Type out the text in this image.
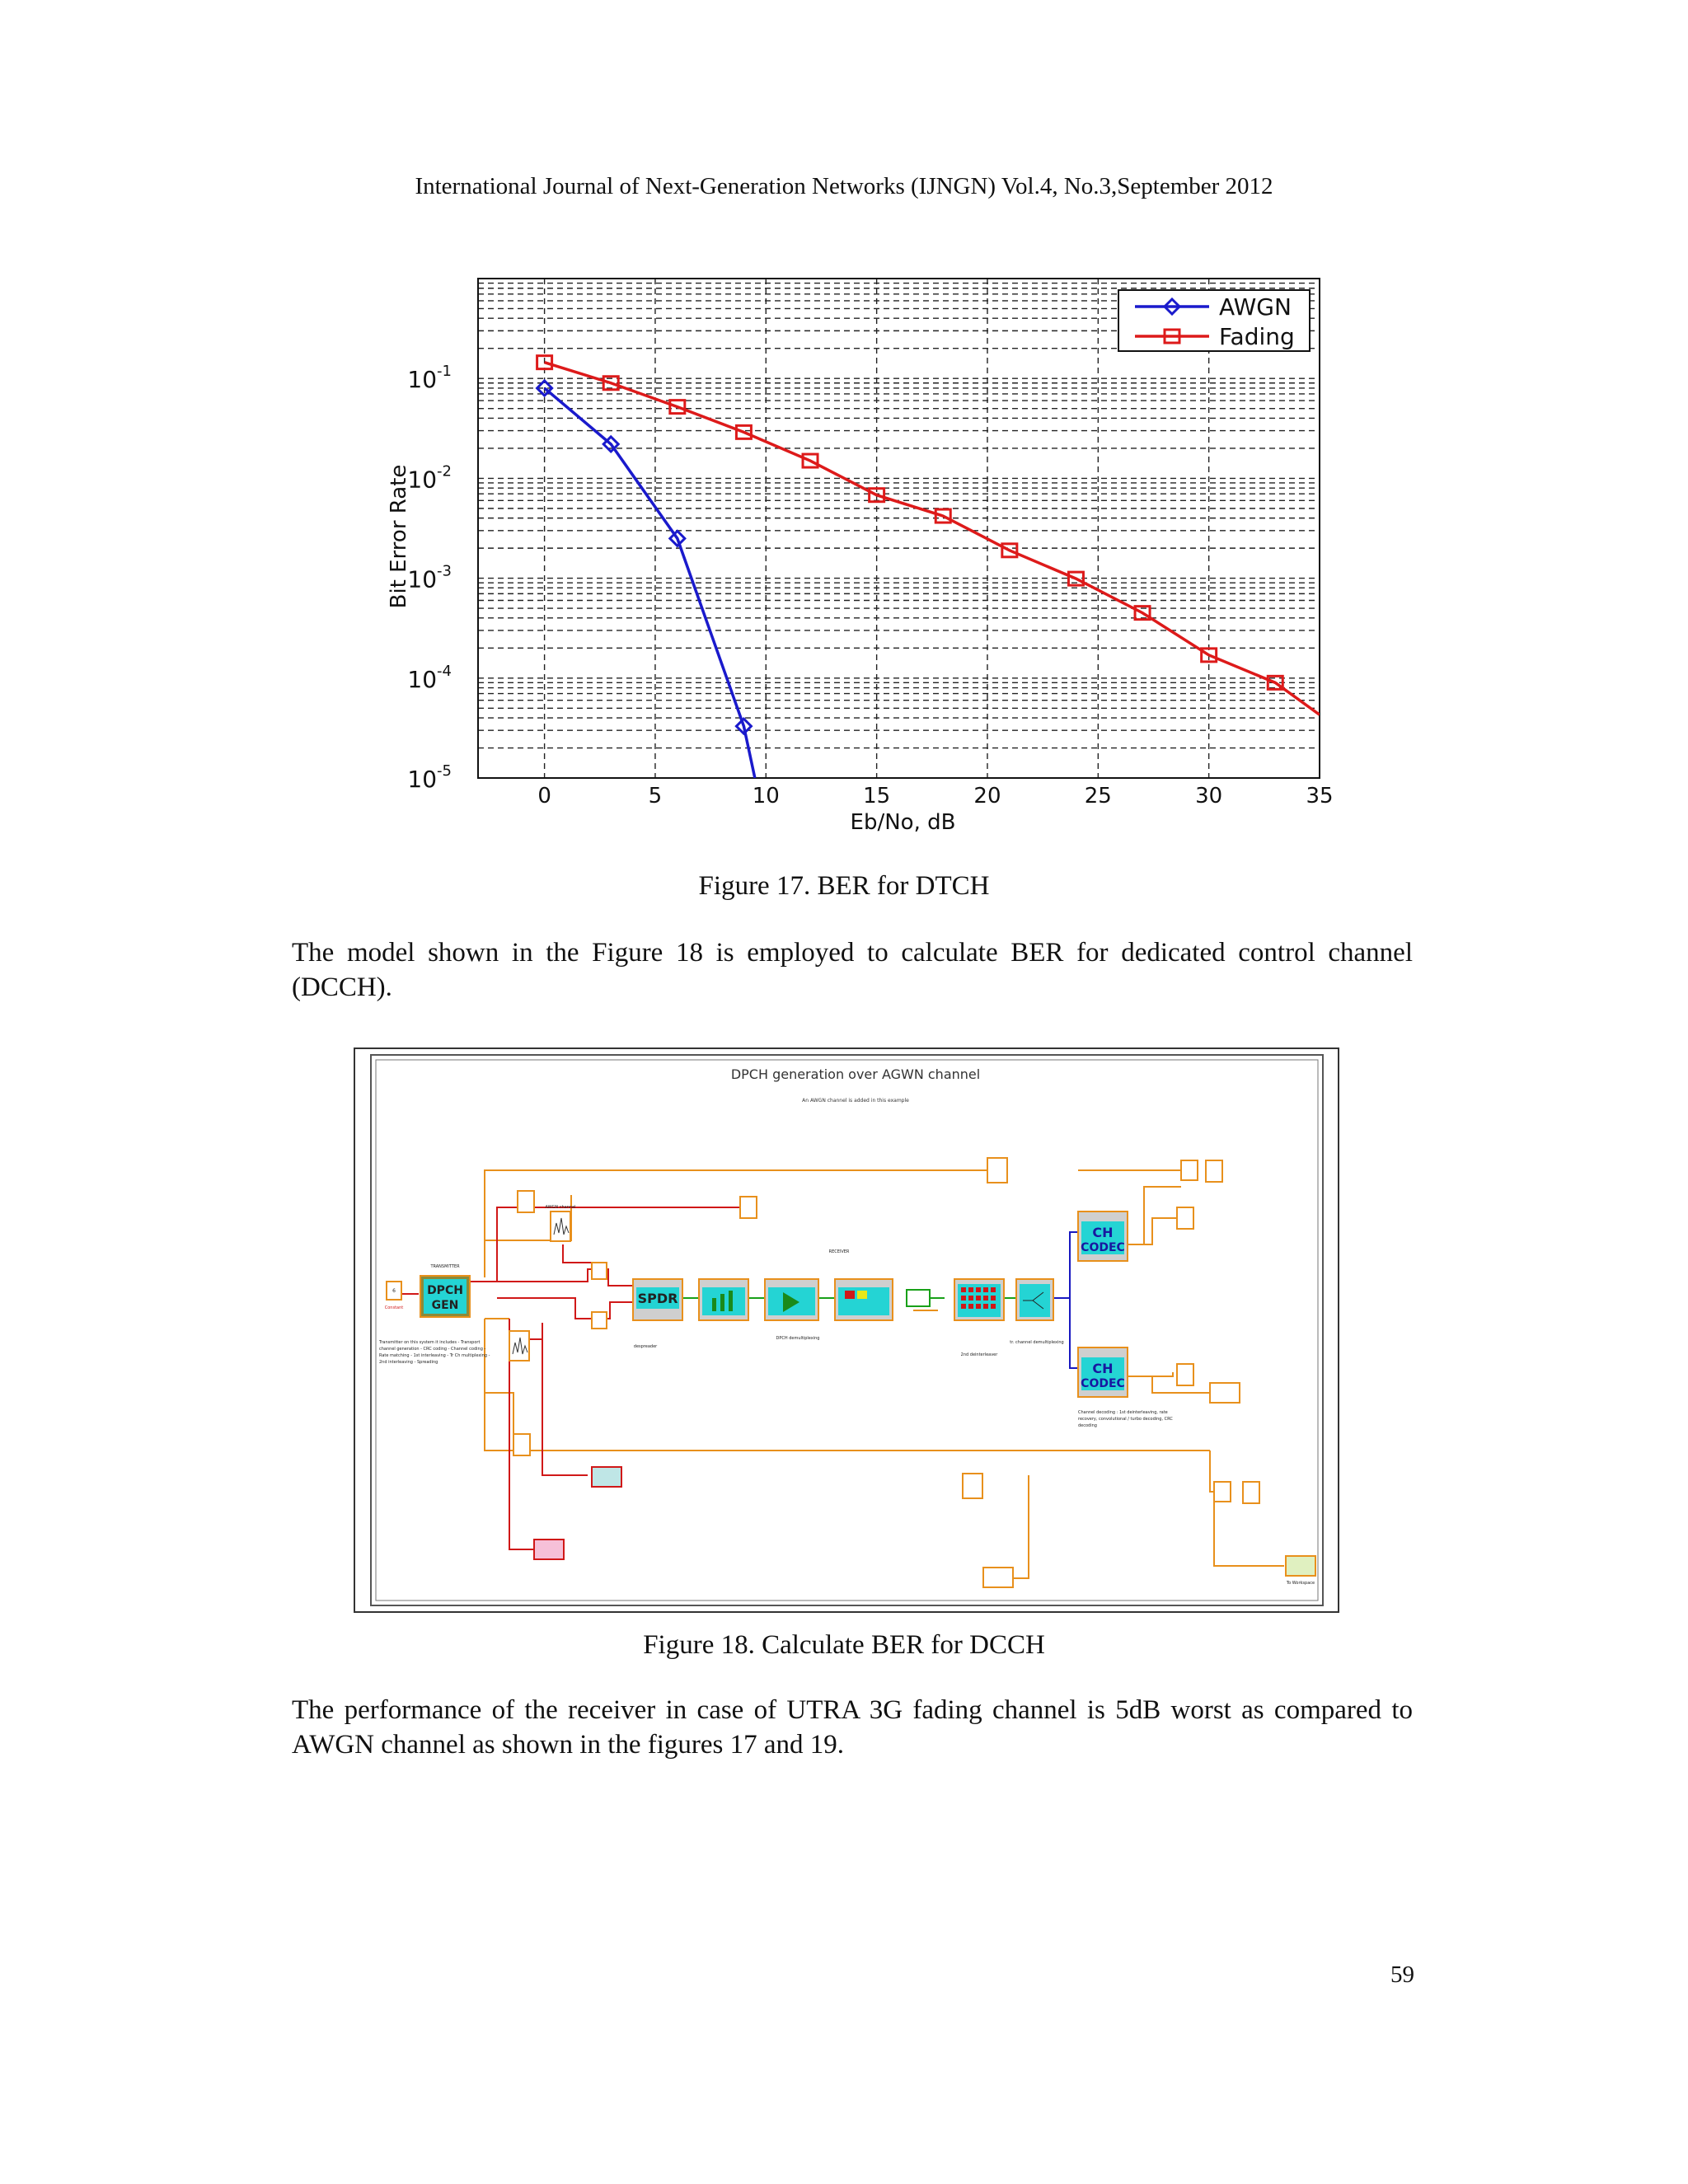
International Journal of Next-Generation Networks (IJNGN) Vol.4, No.3,September 2012
$10^{-1}$
$10^{-2}$
$10^{-3}$
$10^{-4}$
$10^{-5}$
0	5	10	15	20	25	30	35
Eb/No, dB
Bit Error Rate
AWGN
Fading
Figure 17. BER for DTCH

The model shown in the Figure 18 is employed to calculate BER for dedicated control channel (DCCH).

DPCH generation over AGWN channel
An AWGN channel is added in this example
6
Constant
DPCH
GEN
TRANSMITTER
AWGN channel
SPDR
despreader
DPCH demultiplexing
RECEIVER
2nd deinterleaver
tr. channel demultiplexing
CH
CODEC
CH
CODEC
To Workspace
Transmitter on this system it includes - Transport channel generation - CRC coding - Channel coding - Rate matching - 1st interleaving - Tr Ch multiplexing - 2nd interleaving - Spreading
Channel decoding : 1st deinterleaving, rate recovery, convolutional / turbo decoding, CRC decoding
Figure 18. Calculate BER for DCCH

The performance of the receiver in case of UTRA 3G fading channel is 5dB worst as compared to AWGN channel as shown in the figures 17 and 19.

59
